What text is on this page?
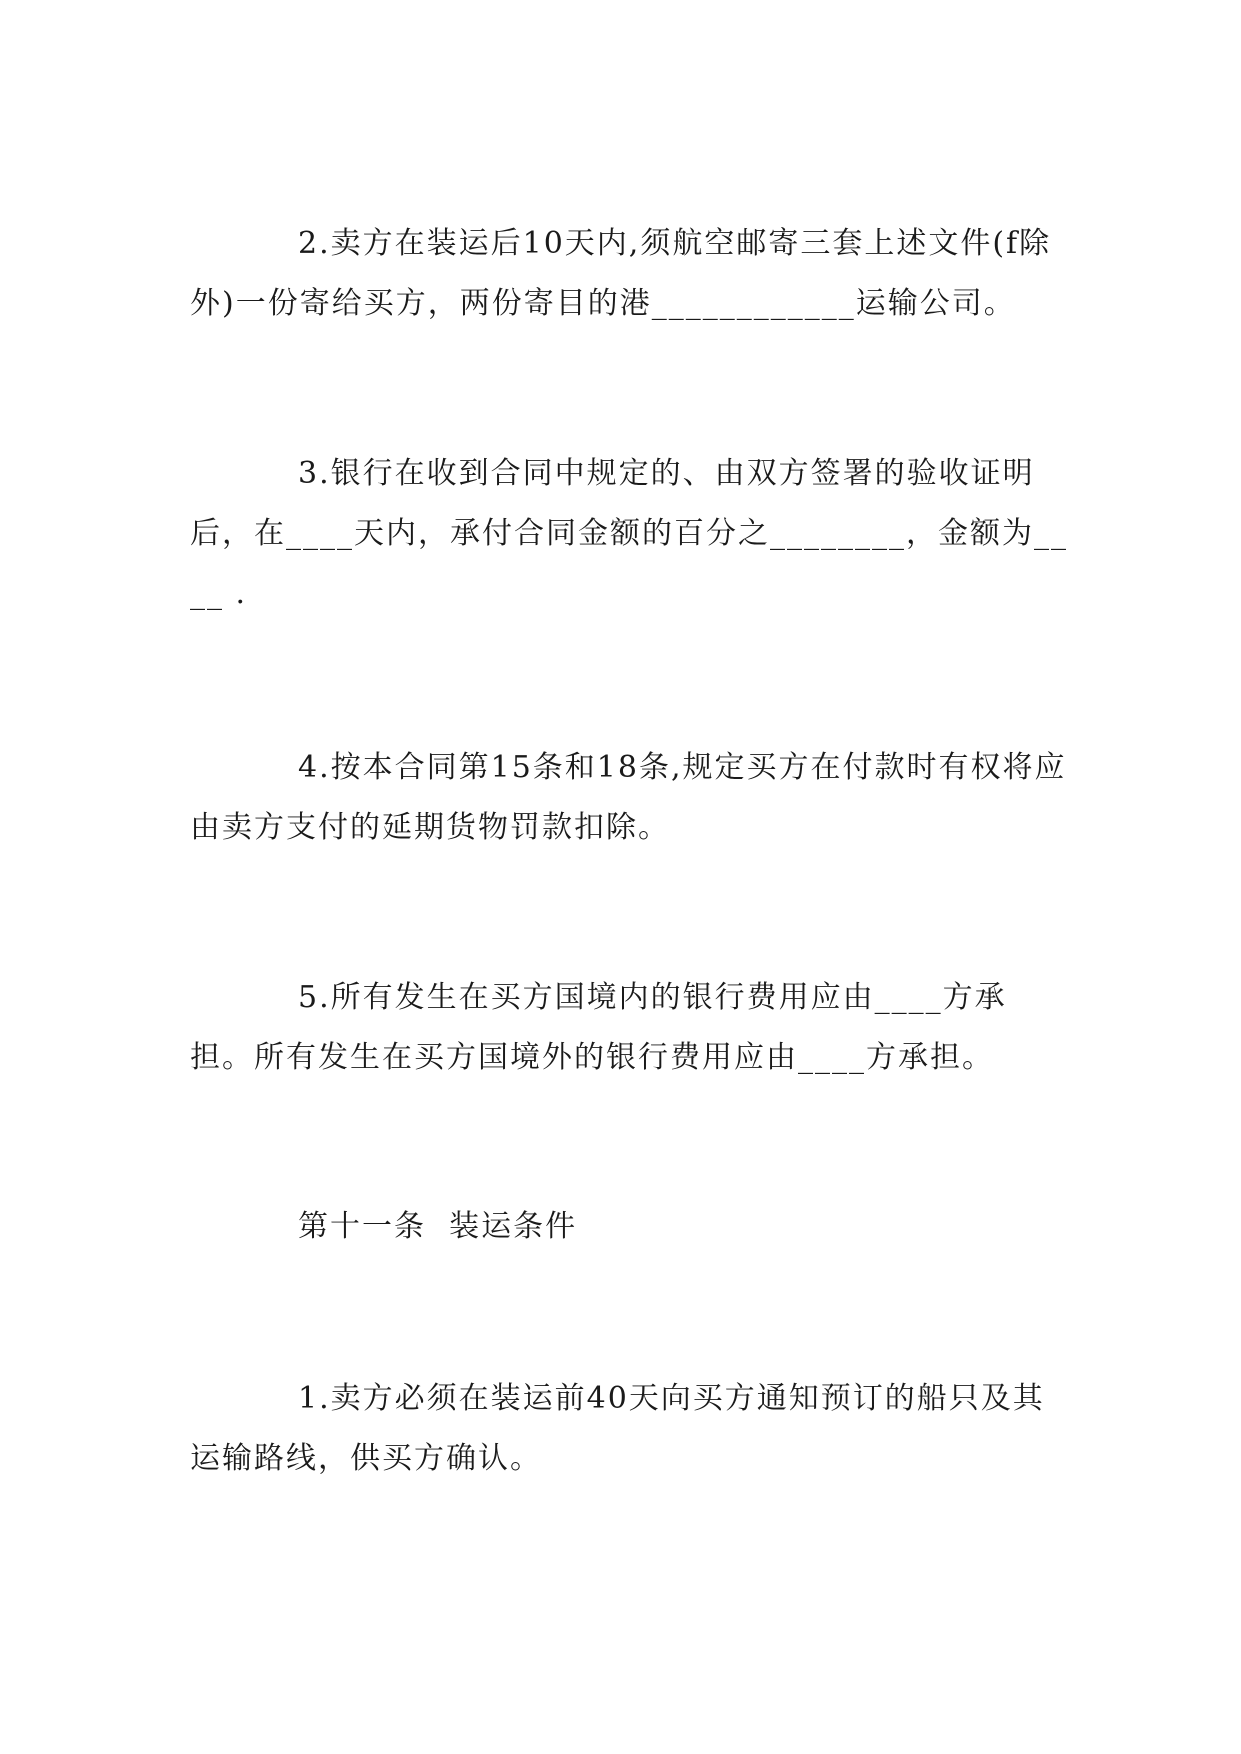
2.卖方在装运后10天内,须航空邮寄三套上述文件(f除外)一份寄给买方，两份寄目的港____________运输公司。

3.银行在收到合同中规定的、由双方签署的验收证明后，在____天内，承付合同金额的百分之________，金额为____ .

4.按本合同第15条和18条,规定买方在付款时有权将应由卖方支付的延期货物罚款扣除。

5.所有发生在买方国境内的银行费用应由____方承担。所有发生在买方国境外的银行费用应由____方承担。

第十一条  装运条件

1.卖方必须在装运前40天向买方通知预订的船只及其运输路线，供买方确认。
